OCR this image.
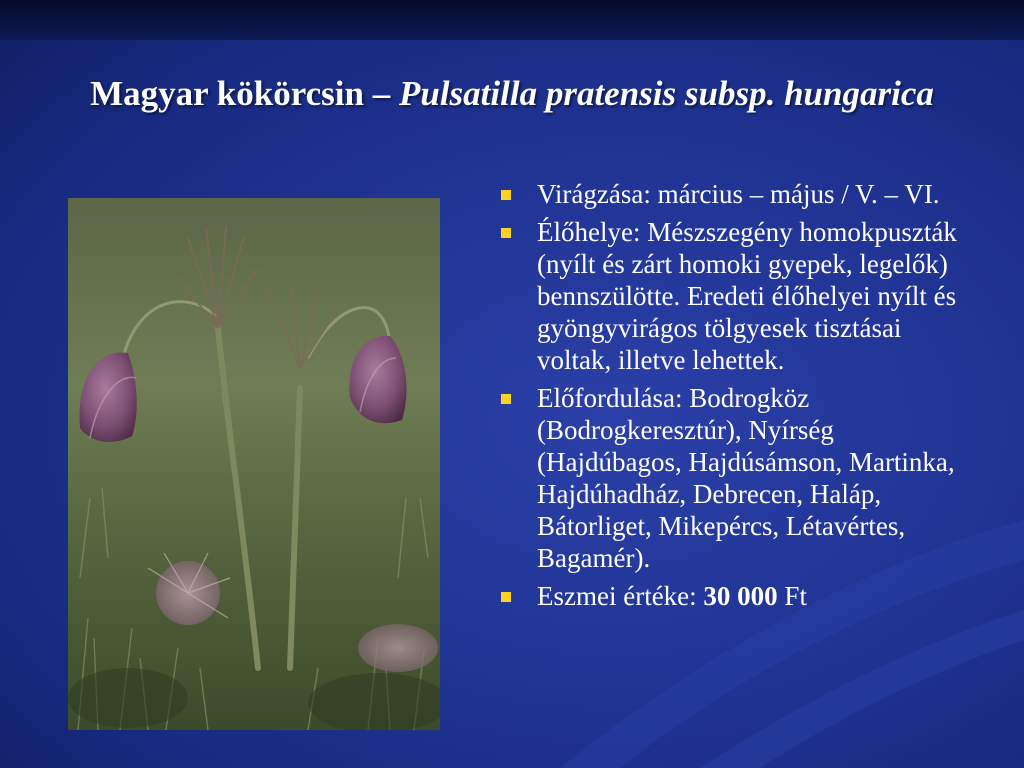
Magyar kökörcsin – Pulsatilla pratensis subsp. hungarica
Virágzása: március – május / V. – VI.
Élőhelye: Mészszegény homokpuszták (nyílt és zárt homoki gyepek, legelők) bennszülötte. Eredeti élőhelyei nyílt és gyöngyvirágos tölgyesek tisztásai voltak, illetve lehettek.
Előfordulása: Bodrogköz (Bodrogkeresztúr), Nyírség (Hajdúbagos, Hajdúsámson, Martinka, Hajdúhadház, Debrecen, Haláp, Bátorliget, Mikepércs, Létavértes, Bagamér).
Eszmei értéke: 30 000 Ft
